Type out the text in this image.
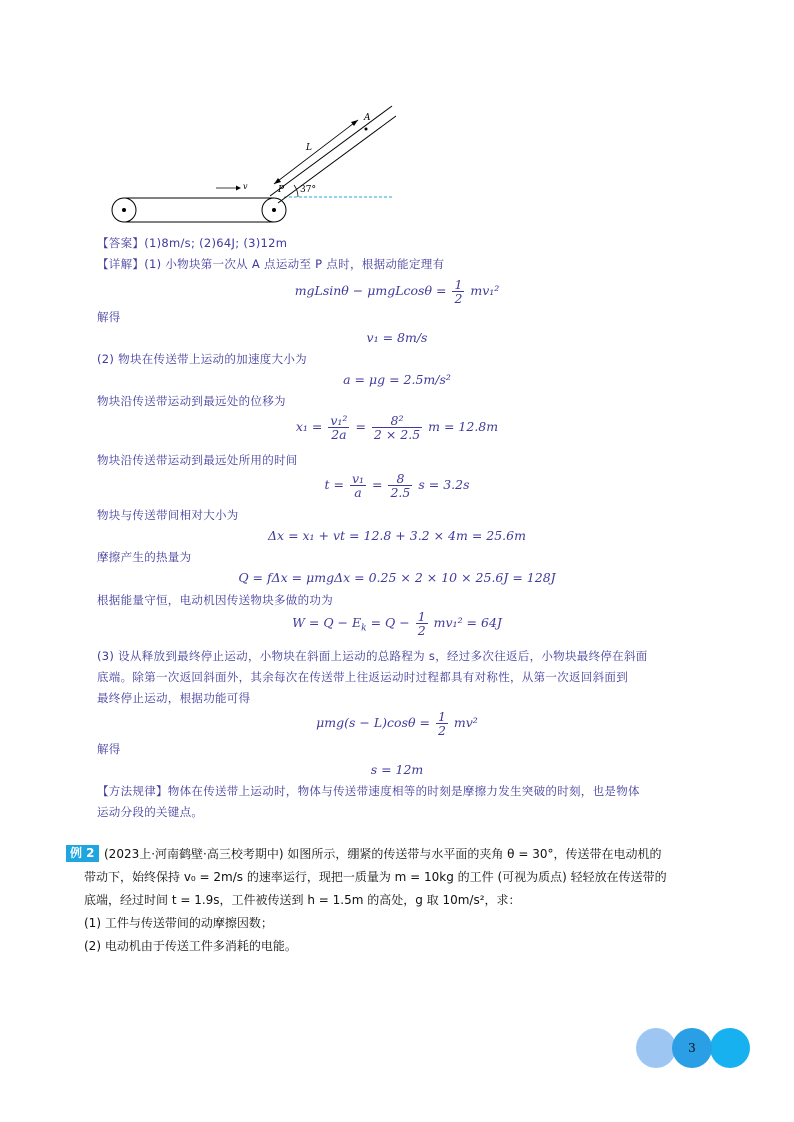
v
L
A
P 37°
【答案】(1)8m/s; (2)64J; (3)12m
【详解】(1) 小物块第一次从 A 点运动至 P 点时，根据动能定理有
$mgLsin\theta - \mu mgLcos\theta = \frac{1}{2} mv_1^2$
解得
v₁ = 8m/s
(2) 物块在传送带上运动的加速度大小为
a = μg = 2.5m/s²
物块沿传送带运动到最远处的位移为
$x_1 = \frac{\text{v₁²}}{2a} = \frac{\text{8²}}{2 \times 2.5}$ m = 12.8m
物块沿传送带运动到最远处所用的时间
$t = \frac{\text{v₁}}{a} = \frac{8}{2.5}$ s = 3.2s
物块与传送带间相对大小为
Δx = x₁ + vt = 12.8 + 3.2 × 4m = 25.6m
摩擦产生的热量为
Q = fΔx = μmgΔx = 0.25 × 2 × 10 × 25.6J = 128J
根据能量守恒，电动机因传送物块多做的功为
$W = Q - E_k = Q - \frac{1}{2} mv_1^2 = 64J$
(3) 设从释放到最终停止运动，小物块在斜面上运动的总路程为 s，经过多次往返后，小物块最终停在斜面
底端。除第一次返回斜面外，其余每次在传送带上往返运动时过程都具有对称性，从第一次返回斜面到
最终停止运动，根据功能可得
$\mu mg(s - L)\cos\theta = \frac{1}{2} mv^2$
解得
s = 12m
【方法规律】物体在传送带上运动时，物体与传送带速度相等的时刻是摩擦力发生突破的时刻，也是物体
运动分段的关键点。
例 2 (2023上·河南鹤壁·高三校考期中) 如图所示，绷紧的传送带与水平面的夹角 θ = 30°，传送带在电动机的
带动下，始终保持 v₀ = 2m/s 的速率运行，现把一质量为 m = 10kg 的工件 (可视为质点) 轻轻放在传送带的
底端，经过时间 t = 1.9s，工件被传送到 h = 1.5m 的高处，g 取 10m/s²，求：
(1) 工件与传送带间的动摩擦因数；
(2) 电动机由于传送工件多消耗的电能。
3
